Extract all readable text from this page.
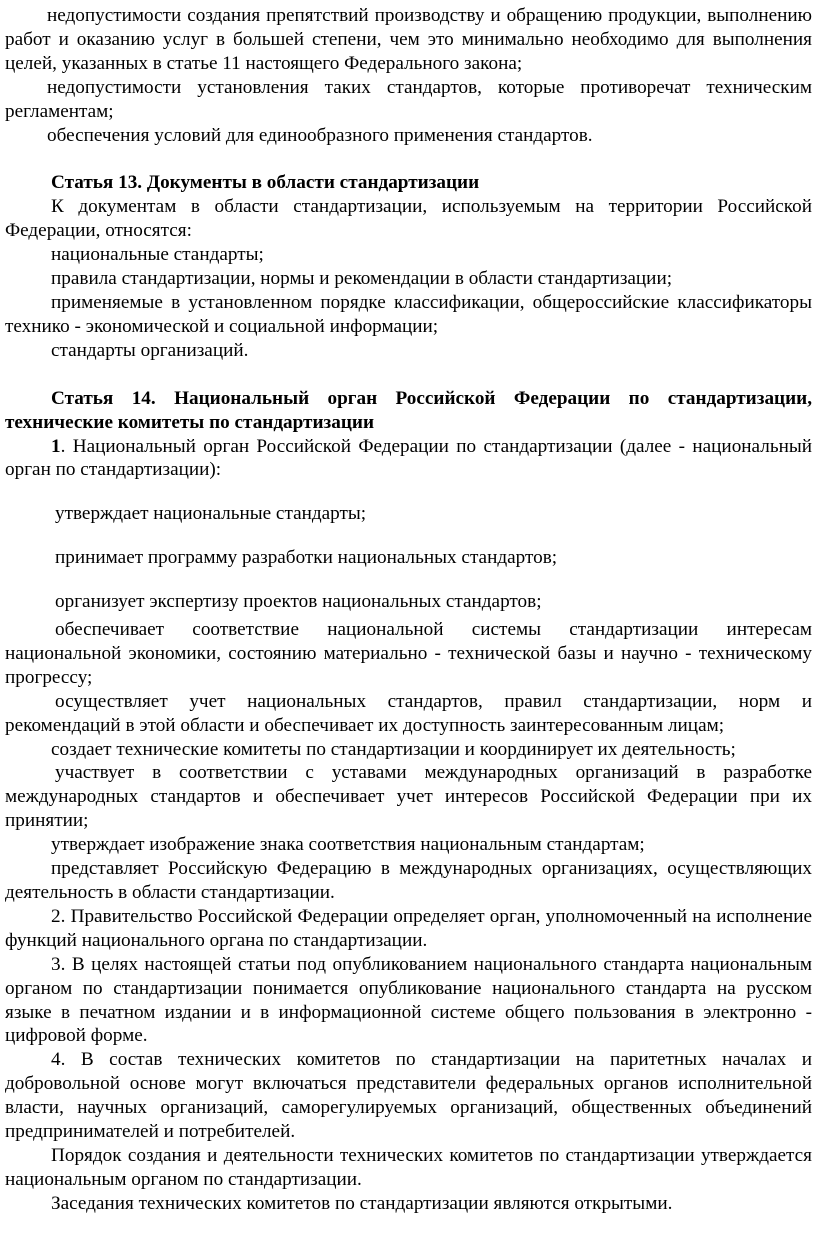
недопустимости создания препятствий производству и обращению продукции, выполнению работ и оказанию услуг в большей степени, чем это минимально необходимо для выполнения целей, указанных в статье 11 настоящего Федерального закона;

недопустимости установления таких стандартов, которые противоречат техническим регламентам;

обеспечения условий для единообразного применения стандартов.

Статья 13. Документы в области стандартизации

К документам в области стандартизации, используемым на территории Российской Федерации, относятся:

национальные стандарты;

правила стандартизации, нормы и рекомендации в области стандартизации;

применяемые в установленном порядке классификации, общероссийские классификаторы технико - экономической и социальной информации;

стандарты организаций.

Статья 14. Национальный орган Российской Федерации по стандартизации, технические комитеты по стандартизации

1. Национальный орган Российской Федерации по стандартизации (далее - национальный орган по стандартизации):

утверждает национальные стандарты;

принимает программу разработки национальных стандартов;

организует экспертизу проектов национальных стандартов;

обеспечивает соответствие национальной системы стандартизации интересам национальной экономики, состоянию материально - технической базы и научно - техническому прогрессу;

осуществляет учет национальных стандартов, правил стандартизации, норм и рекомендаций в этой области и обеспечивает их доступность заинтересованным лицам;

создает технические комитеты по стандартизации и координирует их деятельность;

участвует в соответствии с уставами международных организаций в разработке международных стандартов и обеспечивает учет интересов Российской Федерации при их принятии;

утверждает изображение знака соответствия национальным стандартам;

представляет Российскую Федерацию в международных организациях, осуществляющих деятельность в области стандартизации.

2. Правительство Российской Федерации определяет орган, уполномоченный на исполнение функций национального органа по стандартизации.

3. В целях настоящей статьи под опубликованием национального стандарта национальным органом по стандартизации понимается опубликование национального стандарта на русском языке в печатном издании и в информационной системе общего пользования в электронно - цифровой форме.

4. В состав технических комитетов по стандартизации на паритетных началах и добровольной основе могут включаться представители федеральных органов исполнительной власти, научных организаций, саморегулируемых организаций, общественных объединений предпринимателей и потребителей.

Порядок создания и деятельности технических комитетов по стандартизации утверждается национальным органом по стандартизации.

Заседания технических комитетов по стандартизации являются открытыми.
